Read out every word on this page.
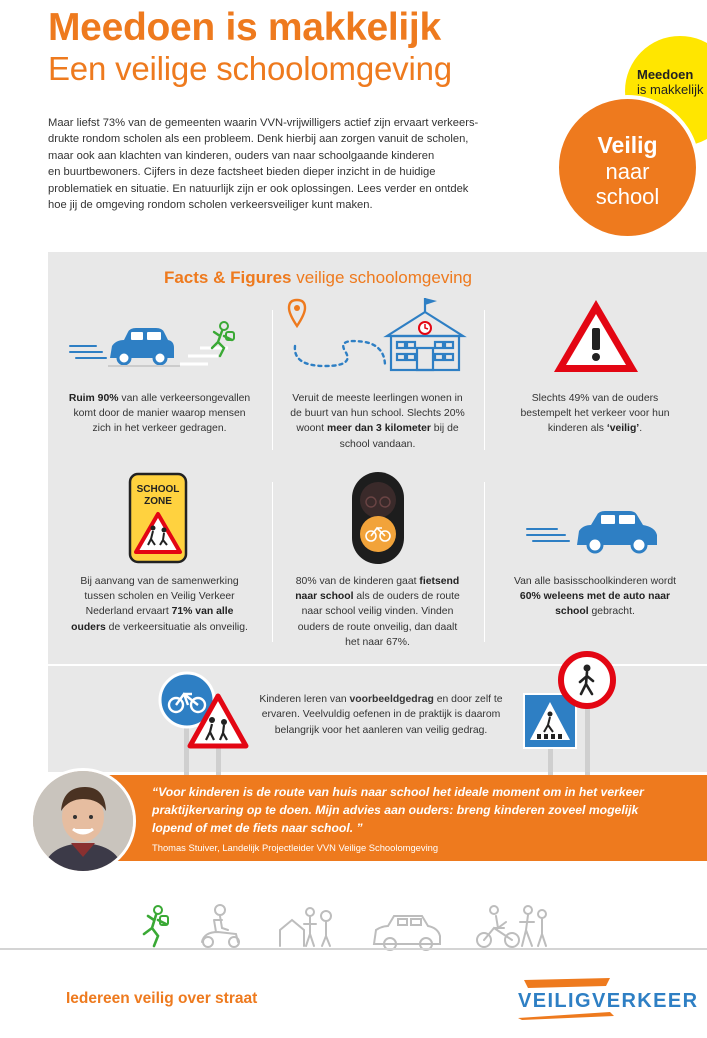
Meedoen is makkelijk
Een veilige schoolomgeving	Meedoen
is makkelijk
Veilig
naar
school
Maar liefst 73% van de gemeenten waarin VVN-vrijwilligers actief zijn ervaart verkeers-
drukte rondom scholen als een probleem. Denk hierbij aan zorgen vanuit de scholen,
maar ook aan klachten van kinderen, ouders van naar schoolgaande kinderen
en buurtbewoners. Cijfers in deze factsheet bieden dieper inzicht in de huidige
problematiek en situatie. En natuurlijk zijn er ook oplossingen. Lees verder en ontdek
hoe jij de omgeving rondom scholen verkeersveiliger kunt maken.
Facts & Figures veilige schoolomgeving
Ruim 90% van alle verkeersongevallen
komt door de manier waarop mensen
zich in het verkeer gedragen.
Veruit de meeste leerlingen wonen in
de buurt van hun school. Slechts 20%
woont meer dan 3 kilometer bij de
school vandaan.
Slechts 49% van de ouders
bestempelt het verkeer voor hun
kinderen als ‘veilig’.
SCHOOL
ZONE
Bij aanvang van de samenwerking
tussen scholen en Veilig Verkeer
Nederland ervaart 71% van alle
ouders de verkeersituatie als onveilig.
80% van de kinderen gaat fietsend
naar school als de ouders de route
naar school veilig vinden. Vinden
ouders de route onveilig, dan daalt
het naar 67%.
Van alle basisschoolkinderen wordt
60% weleens met de auto naar
school gebracht.
Kinderen leren van voorbeeldgedrag en door zelf te
ervaren. Veelvuldig oefenen in de praktijk is daarom
belangrijk voor het aanleren van veilig gedrag.
“Voor kinderen is de route van huis naar school het ideale moment om in het verkeer
praktijkervaring op te doen. Mijn advies aan ouders: breng kinderen zoveel mogelijk
lopend of met de fiets naar school. ”
Thomas Stuiver, Landelijk Projectleider VVN Veilige Schoolomgeving
Iedereen veilig over straat	VEILIGVERKEER
